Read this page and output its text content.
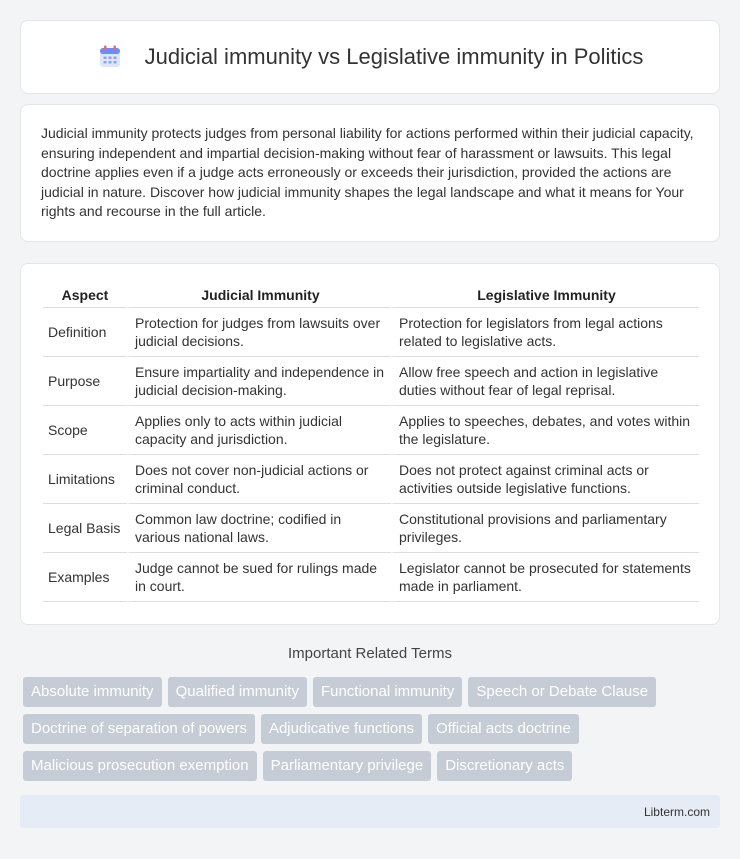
Judicial immunity vs Legislative immunity in Politics

Judicial immunity protects judges from personal liability for actions performed within their judicial capacity, ensuring independent and impartial decision-making without fear of harassment or lawsuits. This legal doctrine applies even if a judge acts erroneously or exceeds their jurisdiction, provided the actions are judicial in nature. Discover how judicial immunity shapes the legal landscape and what it means for Your rights and recourse in the full article.

Aspect	Judicial Immunity	Legislative Immunity
Definition	Protection for judges from lawsuits over judicial decisions.	Protection for legislators from legal actions related to legislative acts.
Purpose	Ensure impartiality and independence in judicial decision-making.	Allow free speech and action in legislative duties without fear of legal reprisal.
Scope	Applies only to acts within judicial capacity and jurisdiction.	Applies to speeches, debates, and votes within the legislature.
Limitations	Does not cover non-judicial actions or criminal conduct.	Does not protect against criminal acts or activities outside legislative functions.
Legal Basis	Common law doctrine; codified in various national laws.	Constitutional provisions and parliamentary privileges.
Examples	Judge cannot be sued for rulings made in court.	Legislator cannot be prosecuted for statements made in parliament.
Important Related Terms
Absolute immunity	Qualified immunity	Functional immunity	Speech or Debate Clause
Doctrine of separation of powers	Adjudicative functions	Official acts doctrine
Malicious prosecution exemption	Parliamentary privilege	Discretionary acts
Libterm.com
